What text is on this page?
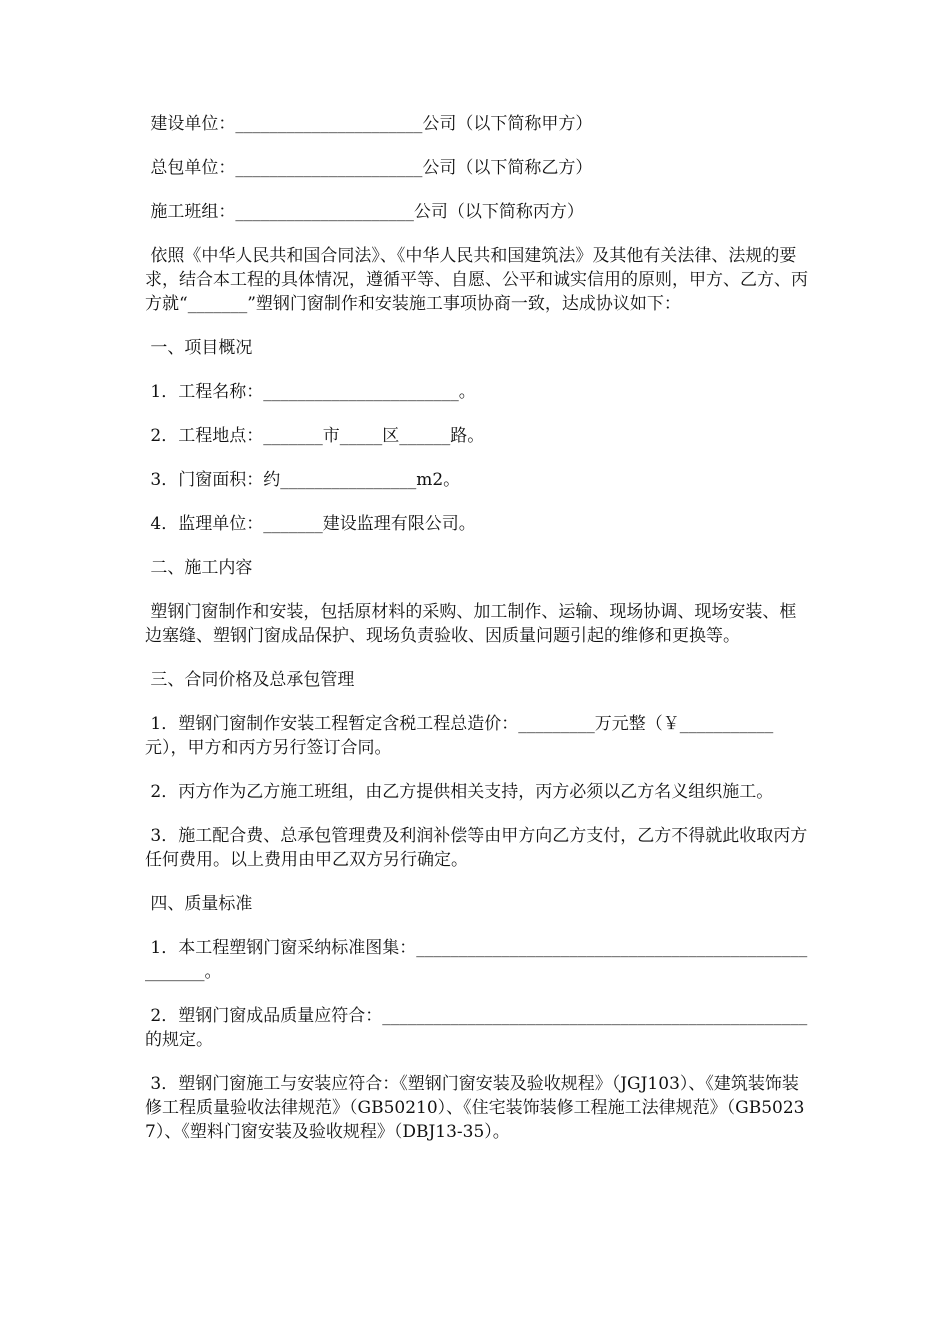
建设单位：______________________公司（以下简称甲方）

总包单位：______________________公司（以下简称乙方）

施工班组：_____________________公司（以下简称丙方）

依照《中华人民共和国合同法》、《中华人民共和国建筑法》及其他有关法律、法规的要求，结合本工程的具体情况，遵循平等、自愿、公平和诚实信用的原则，甲方、乙方、丙方就“_______”塑钢门窗制作和安装施工事项协商一致，达成协议如下：

一、项目概况

1．工程名称：_______________________。

2．工程地点：_______市_____区______路。

3．门窗面积：约________________m2。

4．监理单位：_______建设监理有限公司。

二、施工内容

塑钢门窗制作和安装，包括原材料的采购、加工制作、运输、现场协调、现场安装、框边塞缝、塑钢门窗成品保护、现场负责验收、因质量问题引起的维修和更换等。

三、合同价格及总承包管理

1．塑钢门窗制作安装工程暂定含税工程总造价：_________万元整（￥___________元），甲方和丙方另行签订合同。

2．丙方作为乙方施工班组，由乙方提供相关支持，丙方必须以乙方名义组织施工。

3．施工配合费、总承包管理费及利润补偿等由甲方向乙方支付，乙方不得就此收取丙方任何费用。以上费用由甲乙双方另行确定。

四、质量标准

1．本工程塑钢门窗采纳标准图集：_____________________________________________________。

2．塑钢门窗成品质量应符合：__________________________________________________的规定。

3．塑钢门窗施工与安装应符合：《塑钢门窗安装及验收规程》（JGJ103）、《建筑装饰装修工程质量验收法律规范》（GB50210）、《住宅装饰装修工程施工法律规范》（GB50237）、《塑料门窗安装及验收规程》（DBJ13-35）。
